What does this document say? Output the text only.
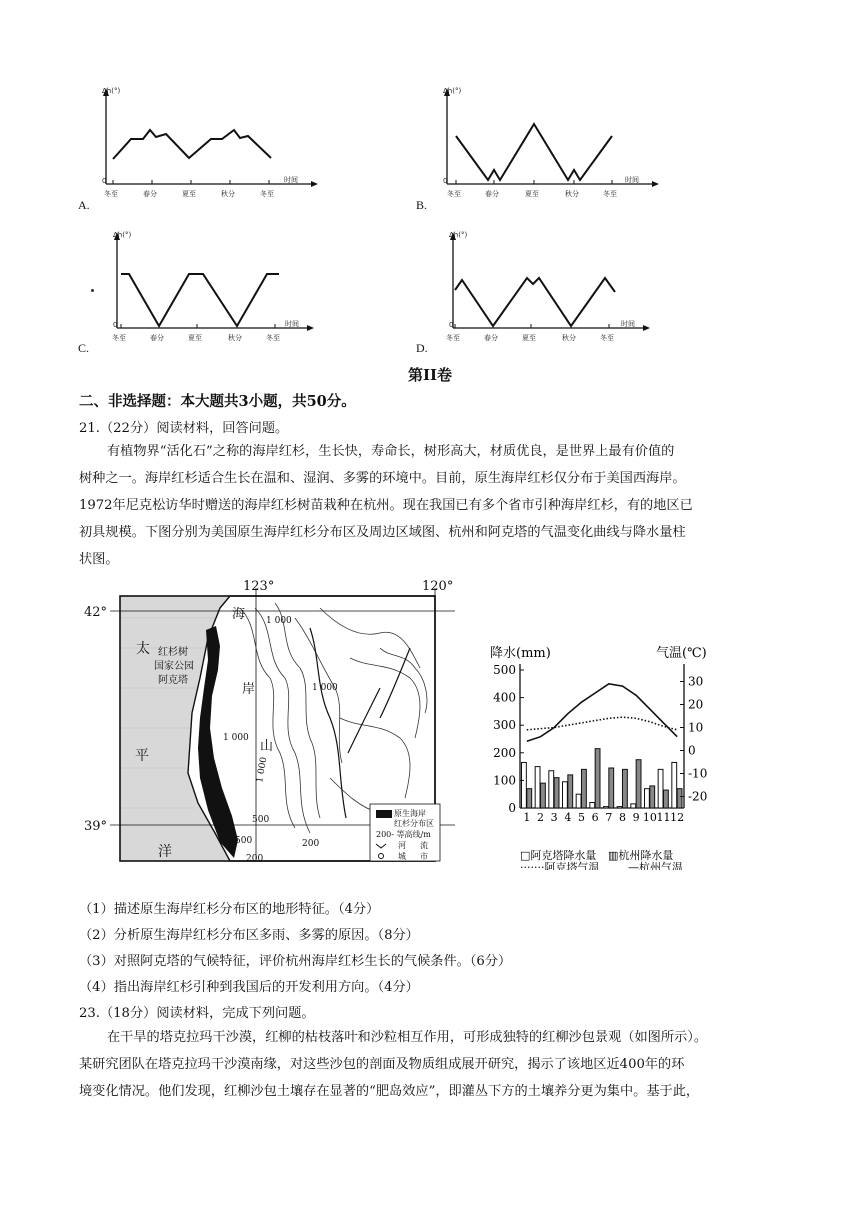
Δh(°)
0	时间
冬至	春分	夏至	秋分	冬至
A.
Δh(°)
0	时间
冬至	春分	夏至	秋分	冬至
B.
Δh(°)
0	时间
冬至	春分	夏至	秋分	冬至
C.
Δh(°)
0	时间
冬至	春分	夏至	秋分	冬至
D.
第II卷
二、非选择题：本大题共3小题，共50分。
21.（22分）阅读材料，回答问题。
有植物界“活化石”之称的海岸红杉，生长快，寿命长，树形高大，材质优良，是世界上最有价值的
树种之一。海岸红杉适合生长在温和、湿润、多雾的环境中。目前，原生海岸红杉仅分布于美国西海岸。
1972年尼克松访华时赠送的海岸红杉树苗栽种在杭州。现在我国已有多个省市引种海岸红杉，有的地区已
初具规模。下图分别为美国原生海岸红杉分布区及周边区域图、杭州和阿克塔的气温变化曲线与降水量柱
状图。
123°	120°
42°
39°
太
平
洋
海
岸
山
红杉树
国家公园
阿克塔
1 000
1 000
1 000
1 000
500
500
200
200
原生海岸
红杉分布区
200- 等高线/m
河 流
城 市
降水(mm)	气温(℃)
500
400
300
200
100
0
30
20
10
0
-10
-20
1 2 3 4 5 6 7 8 9 10 11 12
□阿克塔降水量 ▥杭州降水量
·······阿克塔气温	—杭州气温
（1）描述原生海岸红杉分布区的地形特征。（4分）
（2）分析原生海岸红杉分布区多雨、多雾的原因。（8分）
（3）对照阿克塔的气候特征，评价杭州海岸红杉生长的气候条件。（6分）
（4）指出海岸红杉引种到我国后的开发利用方向。（4分）
23.（18分）阅读材料，完成下列问题。
在干旱的塔克拉玛干沙漠，红柳的枯枝落叶和沙粒相互作用，可形成独特的红柳沙包景观（如图所示）。
某研究团队在塔克拉玛干沙漠南缘，对这些沙包的剖面及物质组成展开研究，揭示了该地区近400年的环
境变化情况。他们发现，红柳沙包土壤存在显著的“肥岛效应”，即灌丛下方的土壤养分更为集中。基于此，
